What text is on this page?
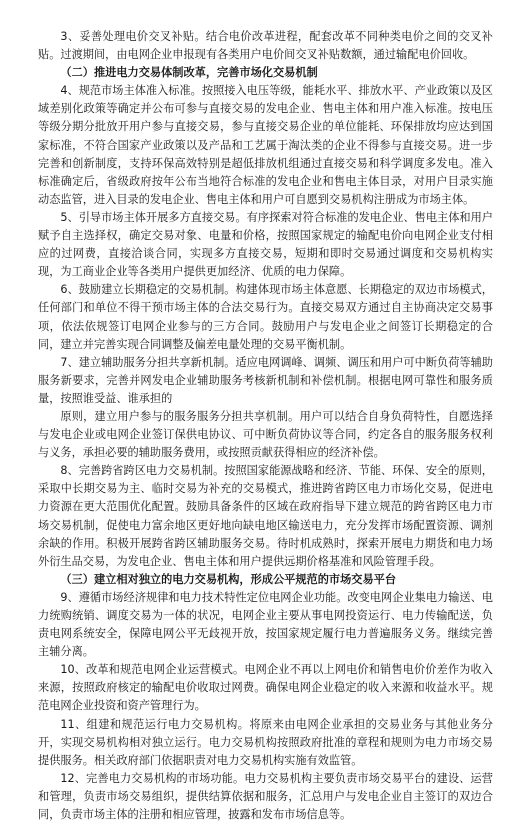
3、妥善处理电价交叉补贴。结合电价改革进程，配套改革不同种类电价之间的交叉补贴。过渡期间，由电网企业申报现有各类用户电价间交叉补贴数额，通过输配电价回收。

（二）推进电力交易体制改革，完善市场化交易机制

4、规范市场主体准入标准。按照接入电压等级，能耗水平、排放水平、产业政策以及区域差别化政策等确定并公布可参与直接交易的发电企业、售电主体和用户准入标准。按电压等级分期分批放开用户参与直接交易，参与直接交易企业的单位能耗、环保排放均应达到国家标准，不符合国家产业政策以及产品和工艺属于淘汰类的企业不得参与直接交易。进一步完善和创新制度，支持环保高效特别是超低排放机组通过直接交易和科学调度多发电。准入标准确定后，省级政府按年公布当地符合标准的发电企业和售电主体目录，对用户目录实施动态监管，进入目录的发电企业、售电主体和用户可自愿到交易机构注册成为市场主体。

5、引导市场主体开展多方直接交易。有序探索对符合标准的发电企业、售电主体和用户赋予自主选择权，确定交易对象、电量和价格，按照国家规定的输配电价向电网企业支付相应的过网费，直接洽谈合同，实现多方直接交易，短期和即时交易通过调度和交易机构实现，为工商业企业等各类用户提供更加经济、优质的电力保障。

6、鼓励建立长期稳定的交易机制。构建体现市场主体意愿、长期稳定的双边市场模式，任何部门和单位不得干预市场主体的合法交易行为。直接交易双方通过自主协商决定交易事项，依法依规签订电网企业参与的三方合同。鼓励用户与发电企业之间签订长期稳定的合同，建立并完善实现合同调整及偏差电量处理的交易平衡机制。

7、建立辅助服务分担共享新机制。适应电网调峰、调频、调压和用户可中断负荷等辅助服务新要求，完善并网发电企业辅助服务考核新机制和补偿机制。根据电网可靠性和服务质量，按照谁受益、谁承担的

原则，建立用户参与的服务服务分担共享机制。用户可以结合自身负荷特性，自愿选择与发电企业或电网企业签订保供电协议、可中断负荷协议等合同，约定各自的服务服务权利与义务，承担必要的辅助服务费用，或按照贡献获得相应的经济补偿。

8、完善跨省跨区电力交易机制。按照国家能源战略和经济、节能、环保、安全的原则，采取中长期交易为主、临时交易为补充的交易模式，推进跨省跨区电力市场化交易，促进电力资源在更大范围优化配置。鼓励具备条件的区域在政府指导下建立规范的跨省跨区电力市场交易机制，促使电力富余地区更好地向缺电地区输送电力，充分发挥市场配置资源、调剂余缺的作用。积极开展跨省跨区辅助服务交易。待时机成熟时，探索开展电力期货和电力场外衍生品交易，为发电企业、售电主体和用户提供远期价格基准和风险管理手段。

（三）建立相对独立的电力交易机构，形成公平规范的市场交易平台

9、遵循市场经济规律和电力技术特性定位电网企业功能。改变电网企业集电力输送、电力统购统销、调度交易为一体的状况，电网企业主要从事电网投资运行、电力传输配送，负责电网系统安全，保障电网公平无歧视开放，按国家规定履行电力普遍服务义务。继续完善主辅分离。

10、改革和规范电网企业运营模式。电网企业不再以上网电价和销售电价价差作为收入来源，按照政府核定的输配电价收取过网费。确保电网企业稳定的收入来源和收益水平。规范电网企业投资和资产管理行为。

11、组建和规范运行电力交易机构。将原来由电网企业承担的交易业务与其他业务分开，实现交易机构相对独立运行。电力交易机构按照政府批准的章程和规则为电力市场交易提供服务。相关政府部门依据职责对电力交易机构实施有效监管。

12、完善电力交易机构的市场功能。电力交易机构主要负责市场交易平台的建设、运营和管理，负责市场交易组织，提供结算依据和服务，汇总用户与发电企业自主签订的双边合同，负责市场主体的注册和相应管理，披露和发布市场信息等。
